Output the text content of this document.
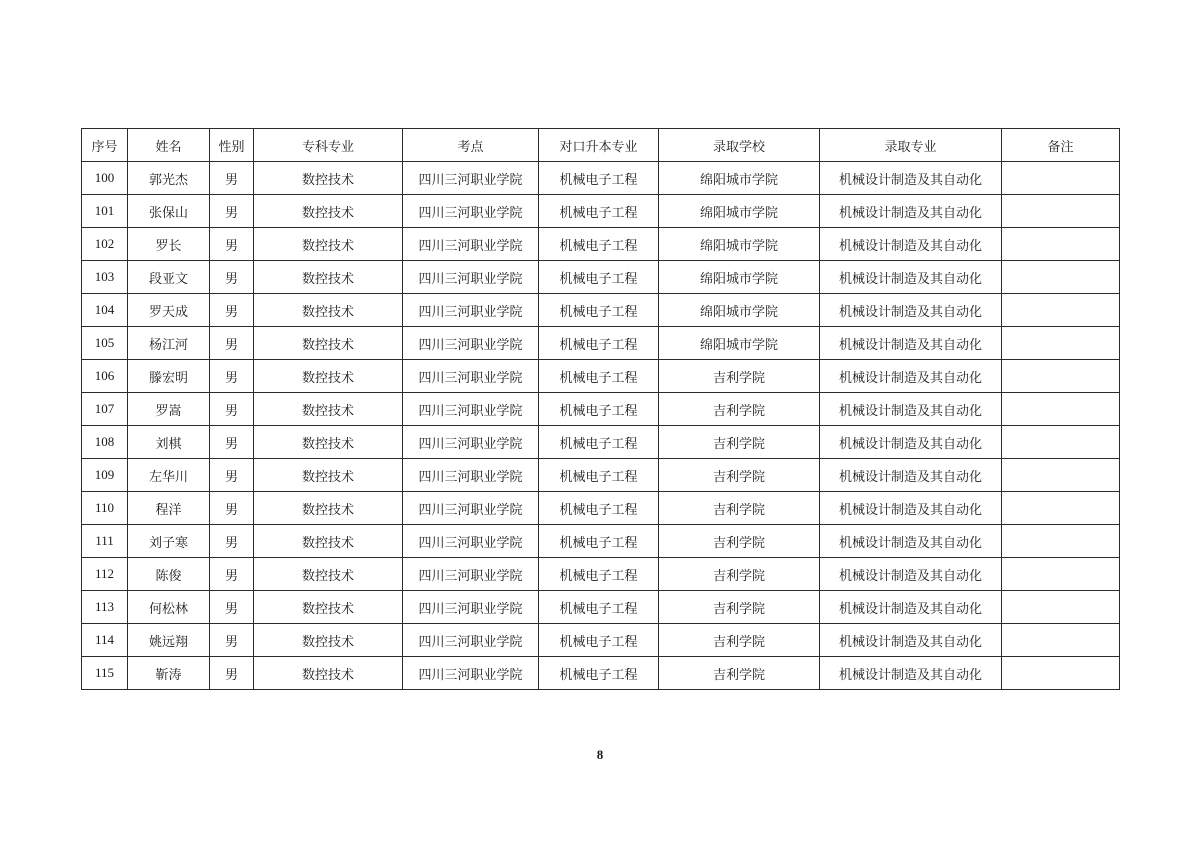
序号	姓名	性别	专科专业	考点	对口升本专业	录取学校	录取专业	备注
100	郭光杰	男	数控技术	四川三河职业学院	机械电子工程	绵阳城市学院	机械设计制造及其自动化	
101	张保山	男	数控技术	四川三河职业学院	机械电子工程	绵阳城市学院	机械设计制造及其自动化	
102	罗长	男	数控技术	四川三河职业学院	机械电子工程	绵阳城市学院	机械设计制造及其自动化	
103	段亚文	男	数控技术	四川三河职业学院	机械电子工程	绵阳城市学院	机械设计制造及其自动化	
104	罗天成	男	数控技术	四川三河职业学院	机械电子工程	绵阳城市学院	机械设计制造及其自动化	
105	杨江河	男	数控技术	四川三河职业学院	机械电子工程	绵阳城市学院	机械设计制造及其自动化	
106	滕宏明	男	数控技术	四川三河职业学院	机械电子工程	吉利学院	机械设计制造及其自动化	
107	罗嵩	男	数控技术	四川三河职业学院	机械电子工程	吉利学院	机械设计制造及其自动化	
108	刘棋	男	数控技术	四川三河职业学院	机械电子工程	吉利学院	机械设计制造及其自动化	
109	左华川	男	数控技术	四川三河职业学院	机械电子工程	吉利学院	机械设计制造及其自动化	
110	程洋	男	数控技术	四川三河职业学院	机械电子工程	吉利学院	机械设计制造及其自动化	
111	刘子寒	男	数控技术	四川三河职业学院	机械电子工程	吉利学院	机械设计制造及其自动化	
112	陈俊	男	数控技术	四川三河职业学院	机械电子工程	吉利学院	机械设计制造及其自动化	
113	何松林	男	数控技术	四川三河职业学院	机械电子工程	吉利学院	机械设计制造及其自动化	
114	姚远翔	男	数控技术	四川三河职业学院	机械电子工程	吉利学院	机械设计制造及其自动化	
115	靳涛	男	数控技术	四川三河职业学院	机械电子工程	吉利学院	机械设计制造及其自动化	
8
